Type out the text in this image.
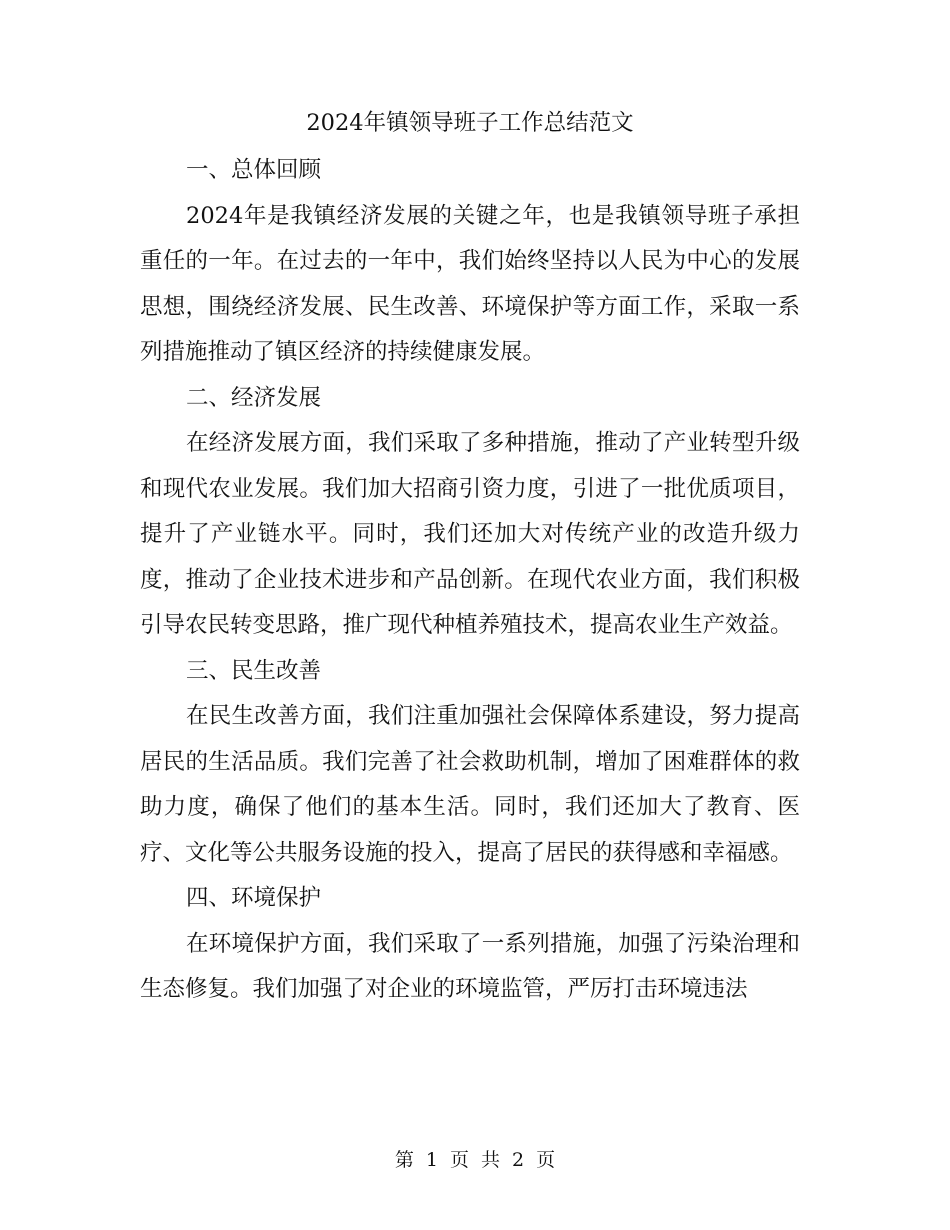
2024年镇领导班子工作总结范文

一、总体回顾

2024年是我镇经济发展的关键之年，也是我镇领导班子承担重任的一年。在过去的一年中，我们始终坚持以人民为中心的发展思想，围绕经济发展、民生改善、环境保护等方面工作，采取一系列措施推动了镇区经济的持续健康发展。

二、经济发展

在经济发展方面，我们采取了多种措施，推动了产业转型升级和现代农业发展。我们加大招商引资力度，引进了一批优质项目，提升了产业链水平。同时，我们还加大对传统产业的改造升级力度，推动了企业技术进步和产品创新。在现代农业方面，我们积极引导农民转变思路，推广现代种植养殖技术，提高农业生产效益。

三、民生改善

在民生改善方面，我们注重加强社会保障体系建设，努力提高居民的生活品质。我们完善了社会救助机制，增加了困难群体的救助力度，确保了他们的基本生活。同时，我们还加大了教育、医疗、文化等公共服务设施的投入，提高了居民的获得感和幸福感。

四、环境保护

在环境保护方面，我们采取了一系列措施，加强了污染治理和生态修复。我们加强了对企业的环境监管，严厉打击环境违法

第 1 页 共 2 页
